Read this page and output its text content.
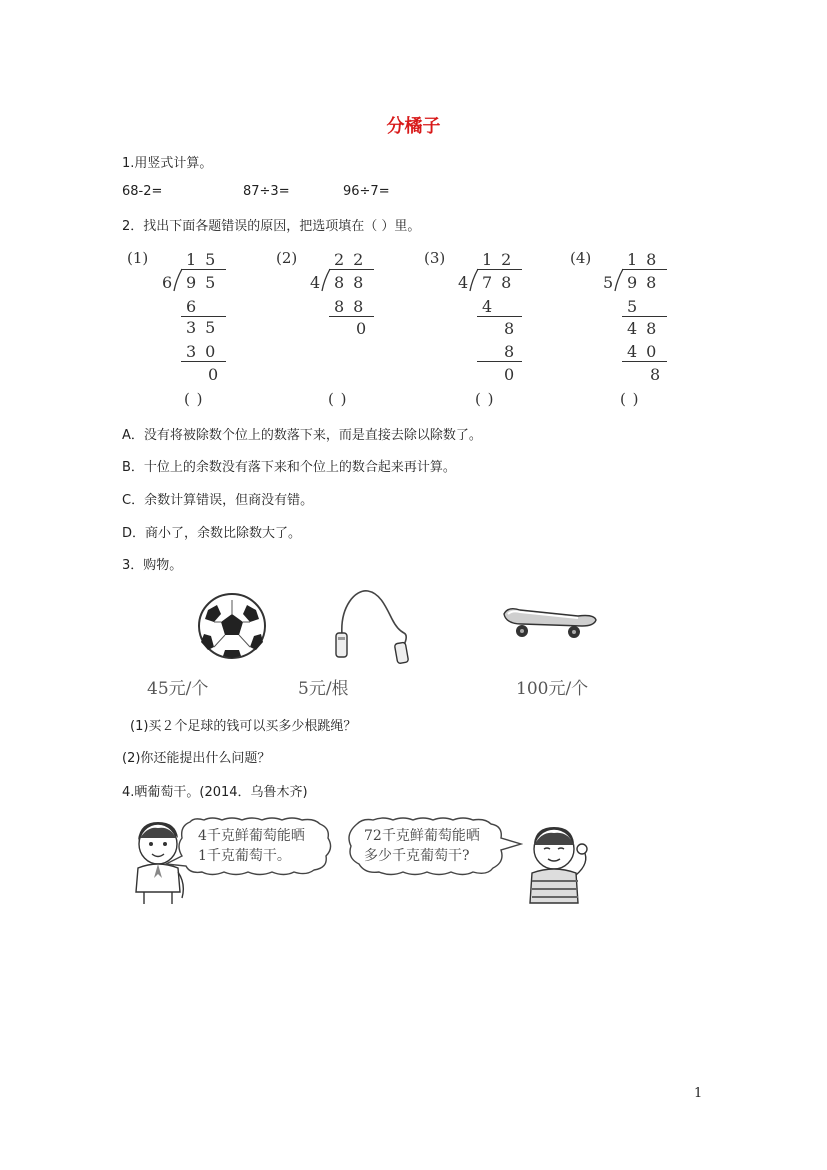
分橘子
1.用竖式计算。
68-2=	87÷3=	96÷7=
2．找出下面各题错误的原因，把选项填在（ ）里。
(1) 15
6 95
6
35
30
0
(2) 22
4 88
88
0
(3) 12
4 78
4
8
8
0
(4) 18
5 98
5
48
40
8
( )	( )	( )	( )
A．没有将被除数个位上的数落下来，而是直接去除以除数了。
B．十位上的余数没有落下来和个位上的数合起来再计算。
C．余数计算错误，但商没有错。
D．商小了，余数比除数大了。
3．购物。
45元/个	5元/根	100元/个
(1)买２个足球的钱可以买多少根跳绳？
(2)你还能提出什么问题？
4.晒葡萄干。(2014．乌鲁木齐)
4千克鲜葡萄能晒
1千克葡萄干。
72千克鲜葡萄能晒
多少千克葡萄干?
1
